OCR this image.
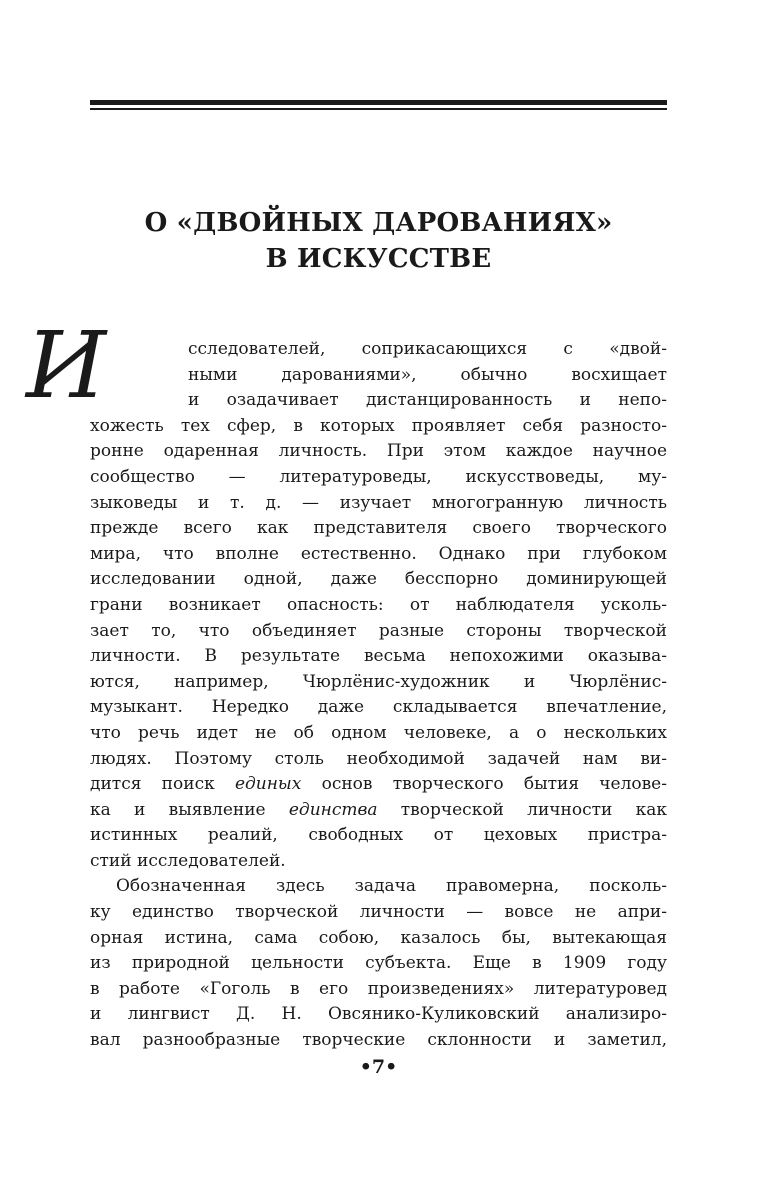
О «ДВОЙНЫХ ДАРОВАНИЯХ»
В ИСКУССТВЕ
И	сследователей, соприкасающихся с «двой-
ными дарованиями», обычно восхищает
и озадачивает дистанцированность и непо-
хожесть тех сфер, в которых проявляет себя разносто-
ронне одаренная личность. При этом каждое научное
сообщество — литературоведы, искусствоведы, му-
зыковеды и т. д. — изучает многогранную личность
прежде всего как представителя своего творческого
мира, что вполне естественно. Однако при глубоком
исследовании одной, даже бесспорно доминирующей
грани возникает опасность: от наблюдателя усколь-
зает то, что объединяет разные стороны творческой
личности. В результате весьма непохожими оказыва-
ются, например, Чюрлёнис-художник и Чюрлёнис-
музыкант. Нередко даже складывается впечатление,
что речь идет не об одном человеке, а о нескольких
людях. Поэтому столь необходимой задачей нам ви-
дится поиск единых основ творческого бытия челове-
ка и выявление единства творческой личности как
истинных реалий, свободных от цеховых пристра-
стий исследователей.
Обозначенная здесь задача правомерна, посколь-
ку единство творческой личности — вовсе не апри-
орная истина, сама собою, казалось бы, вытекающая
из природной цельности субъекта. Еще в 1909 году
в работе «Гоголь в его произведениях» литературовед
и лингвист Д. Н. Овсянико-Куликовский анализиро-
вал разнообразные творческие склонности и заметил,
•7•
